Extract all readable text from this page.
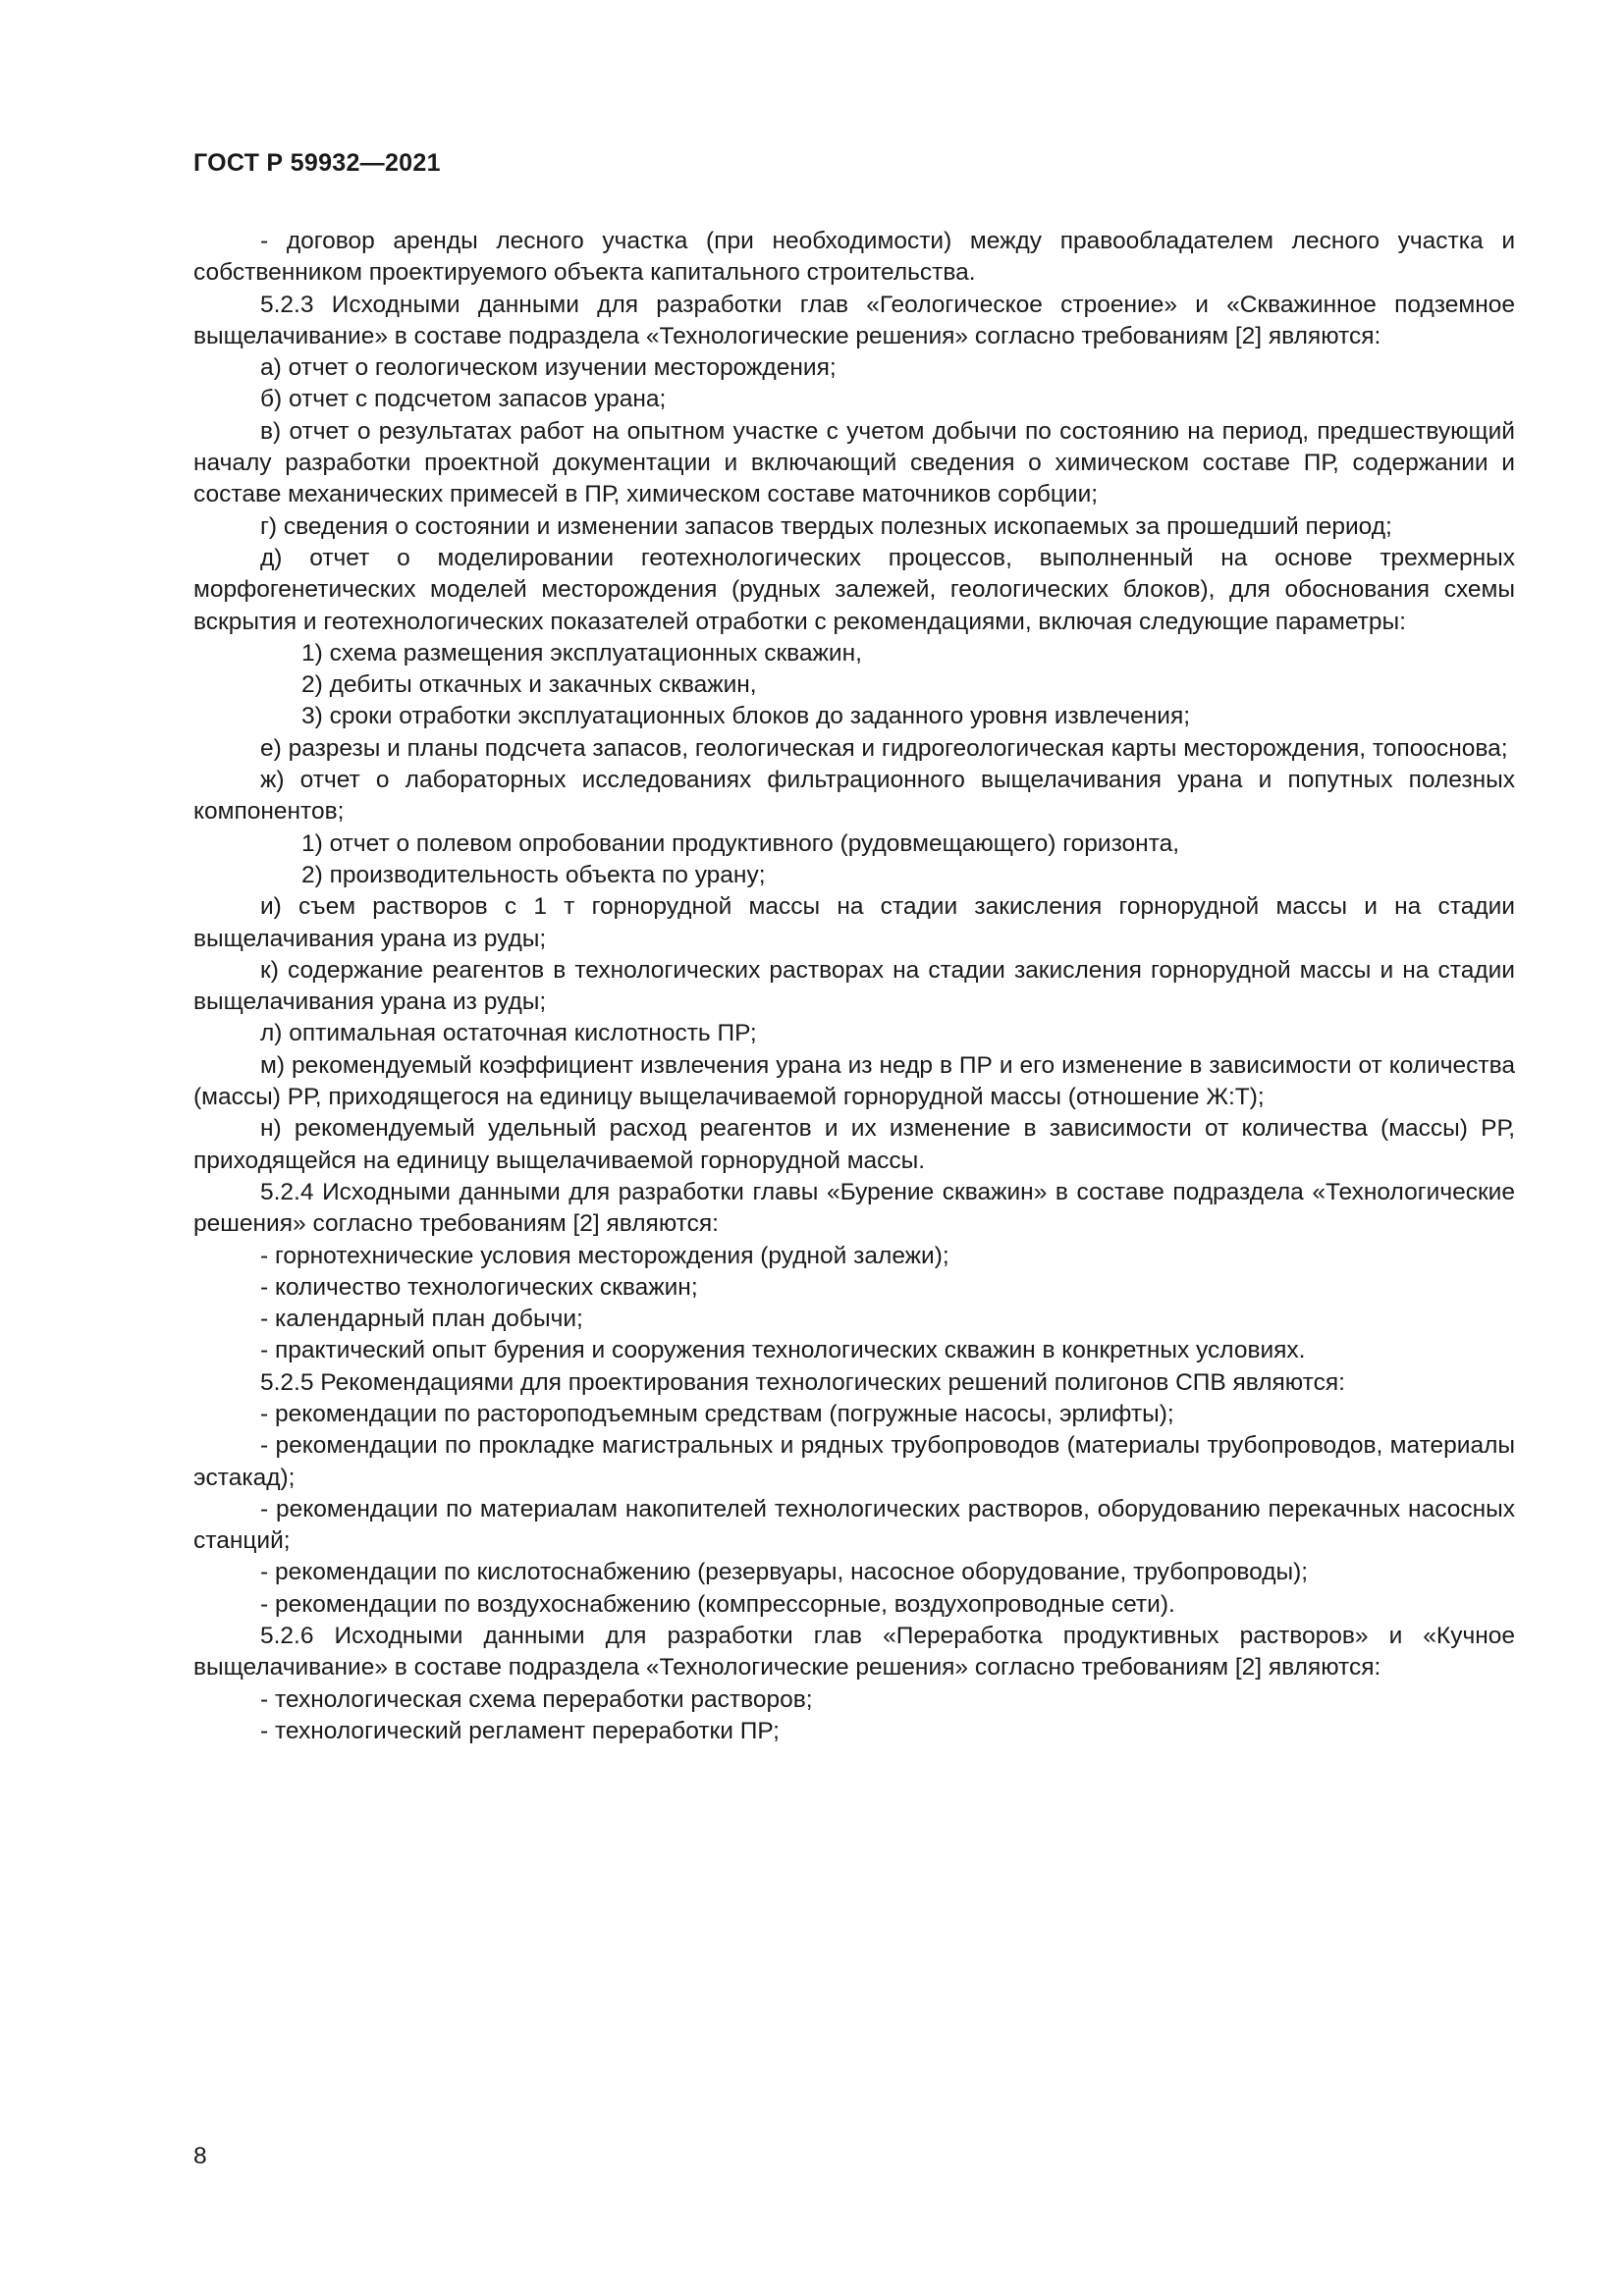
ГОСТ Р 59932—2021

- договор аренды лесного участка (при необходимости) между правообладателем лесного участка и собственником проектируемого объекта капитального строительства.

5.2.3 Исходными данными для разработки глав «Геологическое строение» и «Скважинное подземное выщелачивание» в составе подраздела «Технологические решения» согласно требованиям [2] являются:

а) отчет о геологическом изучении месторождения;

б) отчет с подсчетом запасов урана;

в) отчет о результатах работ на опытном участке с учетом добычи по состоянию на период, предшествующий началу разработки проектной документации и включающий сведения о химическом составе ПР, содержании и составе механических примесей в ПР, химическом составе маточников сорбции;

г) сведения о состоянии и изменении запасов твердых полезных ископаемых за прошедший период;

д) отчет о моделировании геотехнологических процессов, выполненный на основе трехмерных морфогенетических моделей месторождения (рудных залежей, геологических блоков), для обоснования схемы вскрытия и геотехнологических показателей отработки с рекомендациями, включая следующие параметры:

1) схема размещения эксплуатационных скважин,

2) дебиты откачных и закачных скважин,

3) сроки отработки эксплуатационных блоков до заданного уровня извлечения;

е) разрезы и планы подсчета запасов, геологическая и гидрогеологическая карты месторождения, топооснова;

ж) отчет о лабораторных исследованиях фильтрационного выщелачивания урана и попутных полезных компонентов;

1) отчет о полевом опробовании продуктивного (рудовмещающего) горизонта,

2) производительность объекта по урану;

и) съем растворов с 1 т горнорудной массы на стадии закисления горнорудной массы и на стадии выщелачивания урана из руды;

к) содержание реагентов в технологических растворах на стадии закисления горнорудной массы и на стадии выщелачивания урана из руды;

л) оптимальная остаточная кислотность ПР;

м) рекомендуемый коэффициент извлечения урана из недр в ПР и его изменение в зависимости от количества (массы) РР, приходящегося на единицу выщелачиваемой горнорудной массы (отношение Ж:Т);

н) рекомендуемый удельный расход реагентов и их изменение в зависимости от количества (массы) РР, приходящейся на единицу выщелачиваемой горнорудной массы.

5.2.4 Исходными данными для разработки главы «Бурение скважин» в составе подраздела «Технологические решения» согласно требованиям [2] являются:

- горнотехнические условия месторождения (рудной залежи);

- количество технологических скважин;

- календарный план добычи;

- практический опыт бурения и сооружения технологических скважин в конкретных условиях.

5.2.5 Рекомендациями для проектирования технологических решений полигонов СПВ являются:

- рекомендации по растороподъемным средствам (погружные насосы, эрлифты);

- рекомендации по прокладке магистральных и рядных трубопроводов (материалы трубопроводов, материалы эстакад);

- рекомендации по материалам накопителей технологических растворов, оборудованию перекачных насосных станций;

- рекомендации по кислотоснабжению (резервуары, насосное оборудование, трубопроводы);

- рекомендации по воздухоснабжению (компрессорные, воздухопроводные сети).

5.2.6 Исходными данными для разработки глав «Переработка продуктивных растворов» и «Кучное выщелачивание» в составе подраздела «Технологические решения» согласно требованиям [2] являются:

- технологическая схема переработки растворов;

- технологический регламент переработки ПР;

8
